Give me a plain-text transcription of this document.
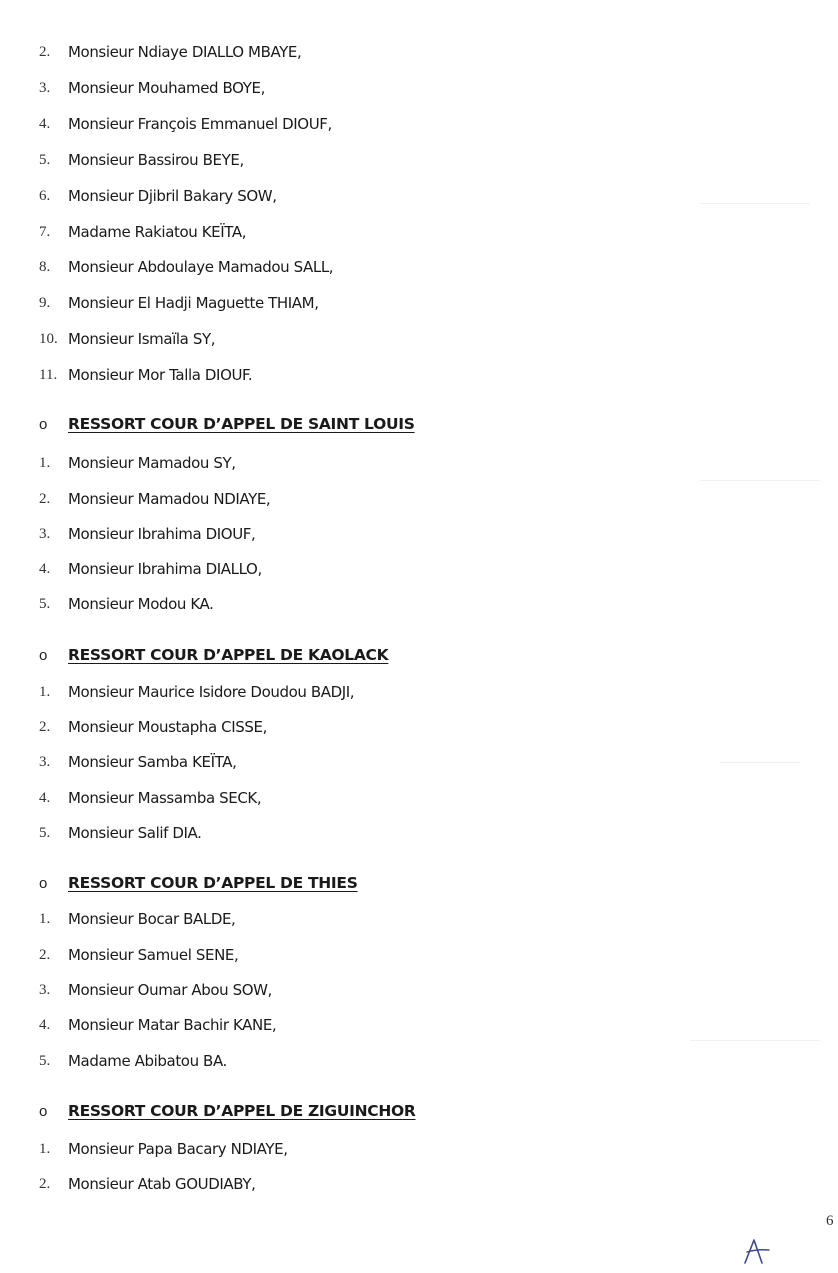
2.	Monsieur Ndiaye DIALLO MBAYE,
3.	Monsieur Mouhamed BOYE,
4.	Monsieur François Emmanuel DIOUF,
5.	Monsieur Bassirou BEYE,
6.	Monsieur Djibril Bakary SOW,
7.	Madame Rakiatou KEÏTA,
8.	Monsieur Abdoulaye Mamadou SALL,
9.	Monsieur El Hadji Maguette THIAM,
10. Monsieur Ismaïla SY,
11. Monsieur Mor Talla DIOUF.
o	RESSORT COUR D’APPEL DE SAINT LOUIS
1.	Monsieur Mamadou SY,
2.	Monsieur Mamadou NDIAYE,
3.	Monsieur Ibrahima DIOUF,
4.	Monsieur Ibrahima DIALLO,
5.	Monsieur Modou KA.
o	RESSORT COUR D’APPEL DE KAOLACK
1.	Monsieur Maurice Isidore Doudou BADJI,
2.	Monsieur Moustapha CISSE,
3.	Monsieur Samba KEÏTA,
4.	Monsieur Massamba SECK,
5.	Monsieur Salif DIA.
o	RESSORT COUR D’APPEL DE THIES
1.	Monsieur Bocar BALDE,
2.	Monsieur Samuel SENE,
3.	Monsieur Oumar Abou SOW,
4.	Monsieur Matar Bachir KANE,
5.	Madame Abibatou BA.
o	RESSORT COUR D’APPEL DE ZIGUINCHOR
1.	Monsieur Papa Bacary NDIAYE,
2.	Monsieur Atab GOUDIABY,
6
